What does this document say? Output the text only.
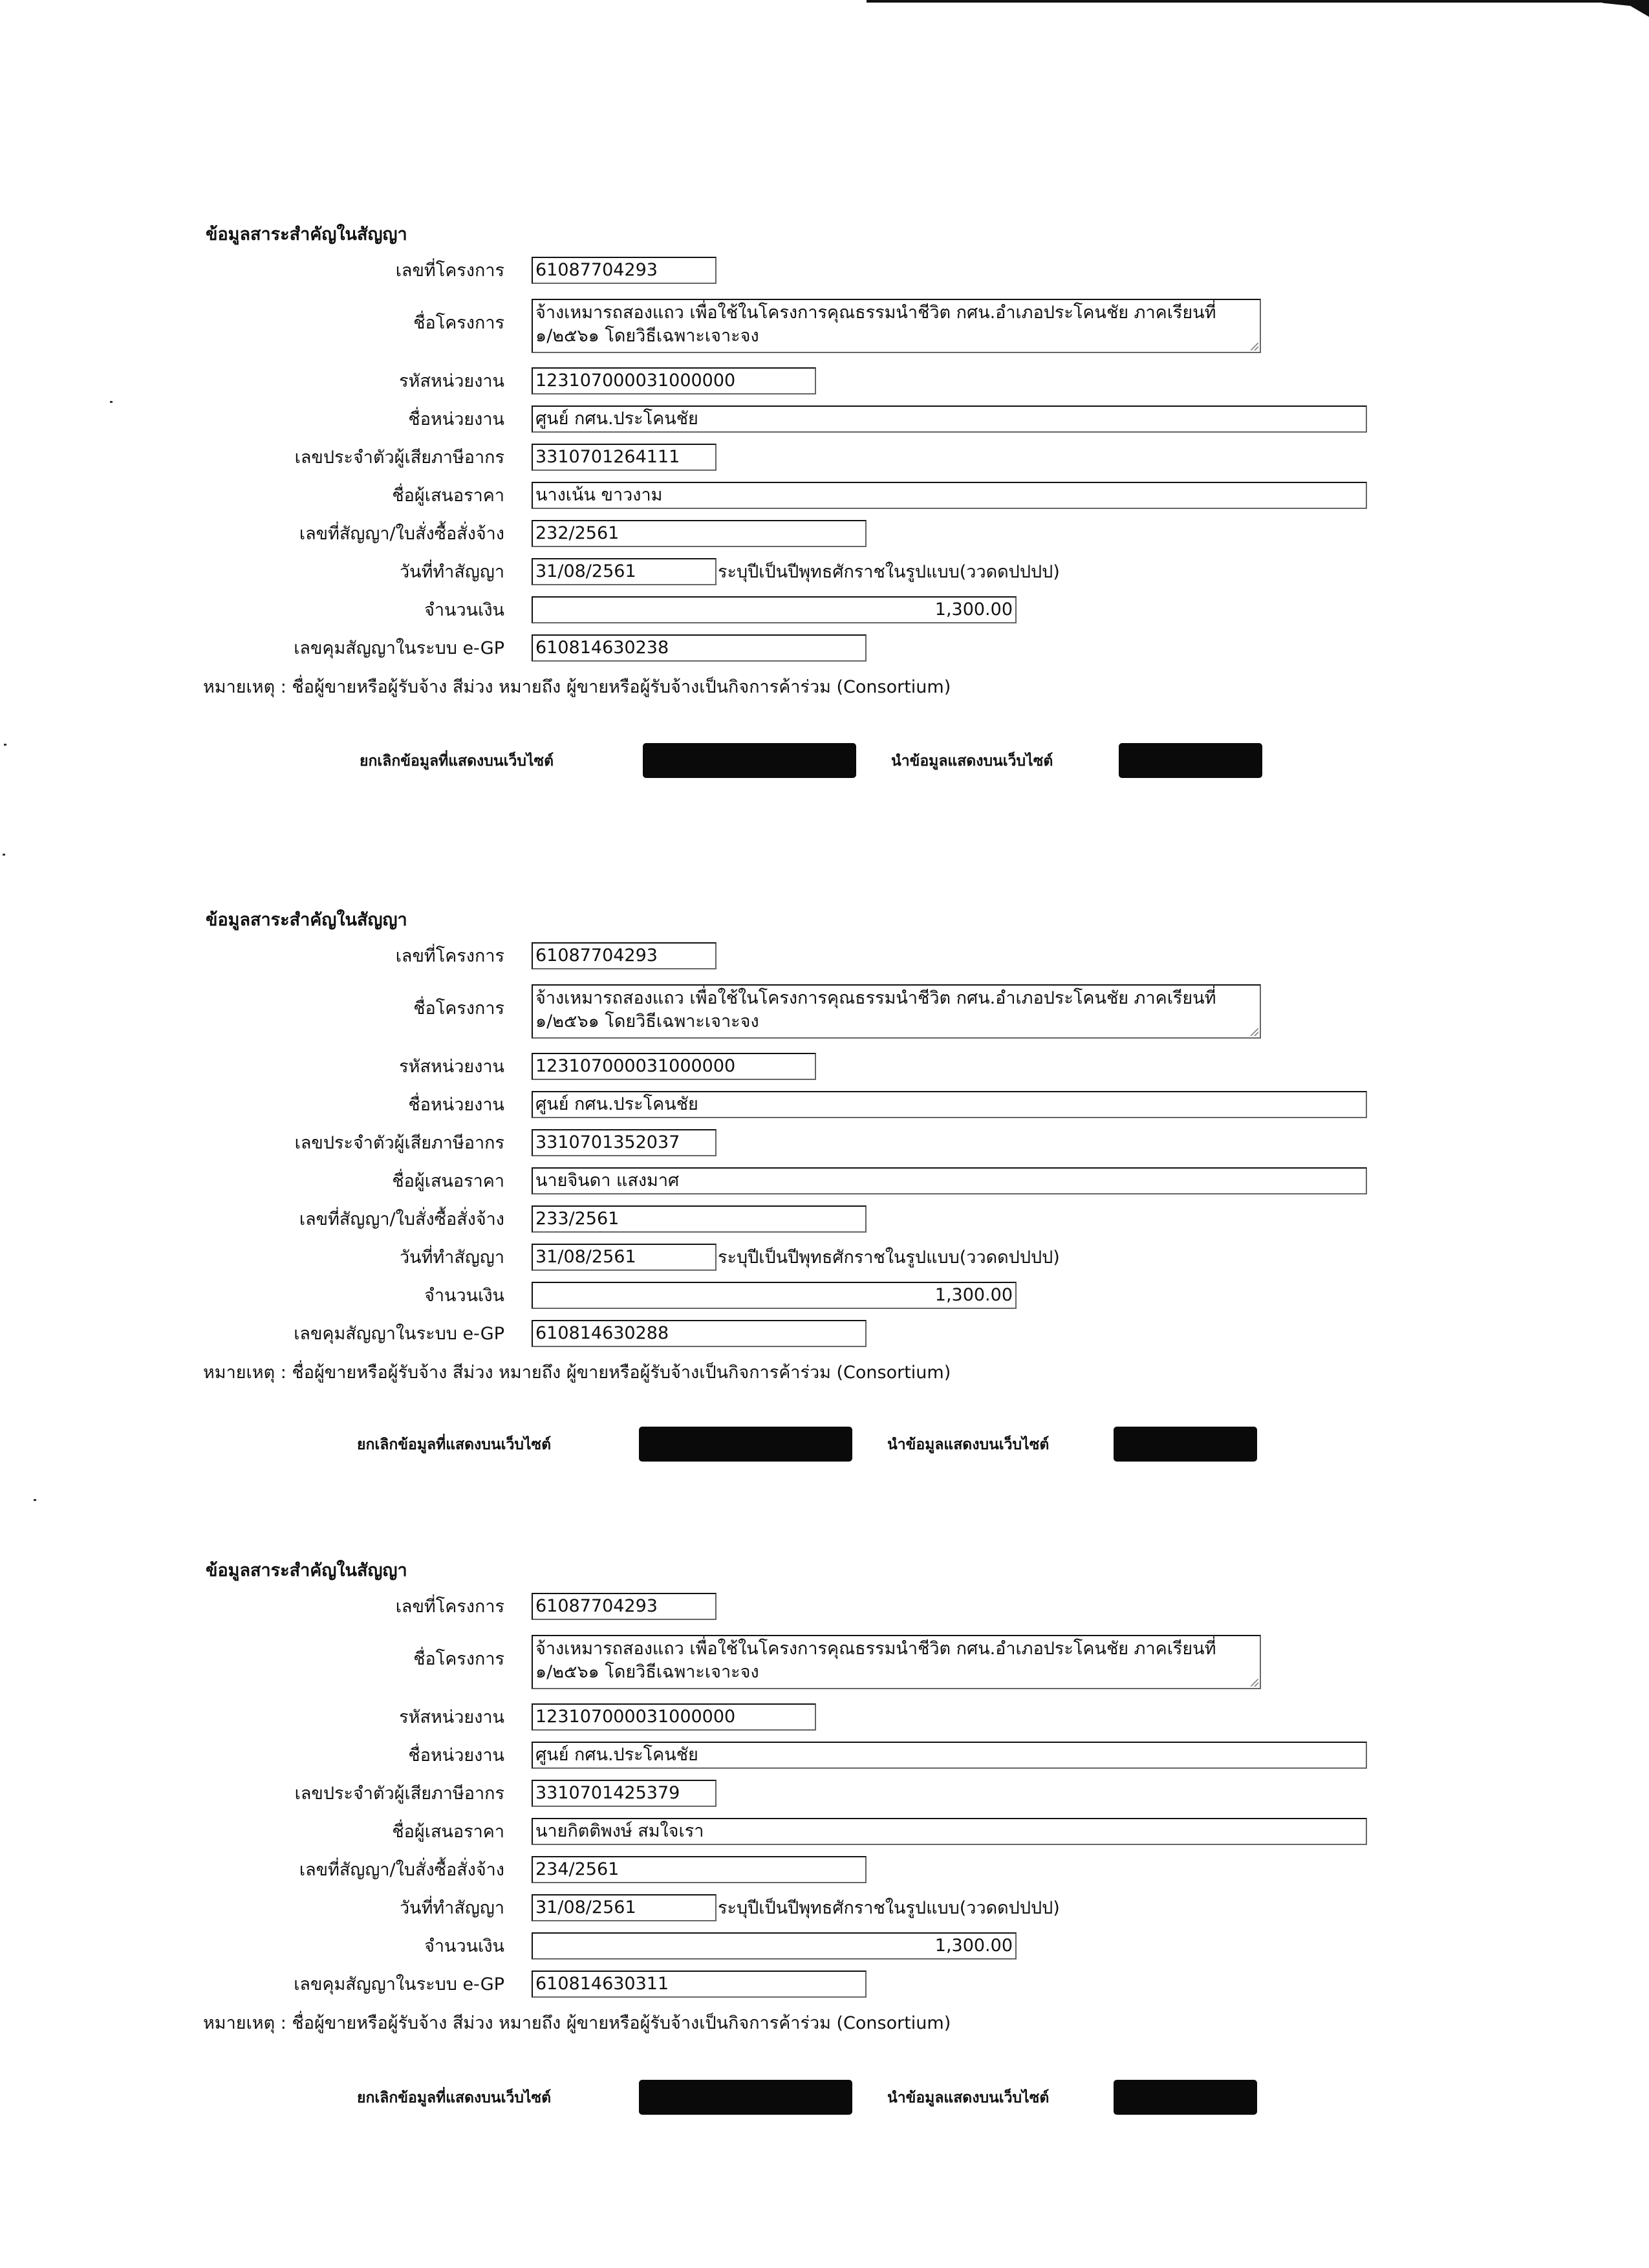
ข้อมูลสาระสำคัญในสัญญา
เลขที่โครงการ 61087704293
ชื่อโครงการ
จ้างเหมารถสองแถว เพื่อใช้ในโครงการคุณธรรมนำชีวิต กศน.อำเภอประโคนชัย ภาคเรียนที่ ๑/๒๕๖๑ โดยวิธีเฉพาะเจาะจง
รหัสหน่วยงาน 123107000031000000
ชื่อหน่วยงาน ศูนย์ กศน.ประโคนชัย
เลขประจำตัวผู้เสียภาษีอากร 3310701264111
ชื่อผู้เสนอราคา นางเน้น ขาวงาม
เลขที่สัญญา/ใบสั่งซื้อสั่งจ้าง 232/2561
วันที่ทำสัญญา 31/08/2561	ระบุปีเป็นปีพุทธศักราชในรูปแบบ(ววดดปปปป)
จำนวนเงิน	1,300.00
เลขคุมสัญญาในระบบ e-GP 610814630238
หมายเหตุ : ชื่อผู้ขายหรือผู้รับจ้าง สีม่วง หมายถึง ผู้ขายหรือผู้รับจ้างเป็นกิจการค้าร่วม (Consortium)
ยกเลิกข้อมูลที่แสดงบนเว็บไซต์	นำข้อมูลแสดงบนเว็บไซต์
ข้อมูลสาระสำคัญในสัญญา
เลขที่โครงการ 61087704293
ชื่อโครงการ
จ้างเหมารถสองแถว เพื่อใช้ในโครงการคุณธรรมนำชีวิต กศน.อำเภอประโคนชัย ภาคเรียนที่ ๑/๒๕๖๑ โดยวิธีเฉพาะเจาะจง
รหัสหน่วยงาน 123107000031000000
ชื่อหน่วยงาน ศูนย์ กศน.ประโคนชัย
เลขประจำตัวผู้เสียภาษีอากร 3310701352037
ชื่อผู้เสนอราคา นายจินดา แสงมาศ
เลขที่สัญญา/ใบสั่งซื้อสั่งจ้าง 233/2561
วันที่ทำสัญญา 31/08/2561	ระบุปีเป็นปีพุทธศักราชในรูปแบบ(ววดดปปปป)
จำนวนเงิน	1,300.00
เลขคุมสัญญาในระบบ e-GP 610814630288
หมายเหตุ : ชื่อผู้ขายหรือผู้รับจ้าง สีม่วง หมายถึง ผู้ขายหรือผู้รับจ้างเป็นกิจการค้าร่วม (Consortium)
ยกเลิกข้อมูลที่แสดงบนเว็บไซต์	นำข้อมูลแสดงบนเว็บไซต์
ข้อมูลสาระสำคัญในสัญญา
เลขที่โครงการ 61087704293
ชื่อโครงการ
จ้างเหมารถสองแถว เพื่อใช้ในโครงการคุณธรรมนำชีวิต กศน.อำเภอประโคนชัย ภาคเรียนที่ ๑/๒๕๖๑ โดยวิธีเฉพาะเจาะจง
รหัสหน่วยงาน 123107000031000000
ชื่อหน่วยงาน ศูนย์ กศน.ประโคนชัย
เลขประจำตัวผู้เสียภาษีอากร 3310701425379
ชื่อผู้เสนอราคา นายกิตติพงษ์ สมใจเรา
เลขที่สัญญา/ใบสั่งซื้อสั่งจ้าง 234/2561
วันที่ทำสัญญา 31/08/2561	ระบุปีเป็นปีพุทธศักราชในรูปแบบ(ววดดปปปป)
จำนวนเงิน	1,300.00
เลขคุมสัญญาในระบบ e-GP 610814630311
หมายเหตุ : ชื่อผู้ขายหรือผู้รับจ้าง สีม่วง หมายถึง ผู้ขายหรือผู้รับจ้างเป็นกิจการค้าร่วม (Consortium)
ยกเลิกข้อมูลที่แสดงบนเว็บไซต์	นำข้อมูลแสดงบนเว็บไซต์
